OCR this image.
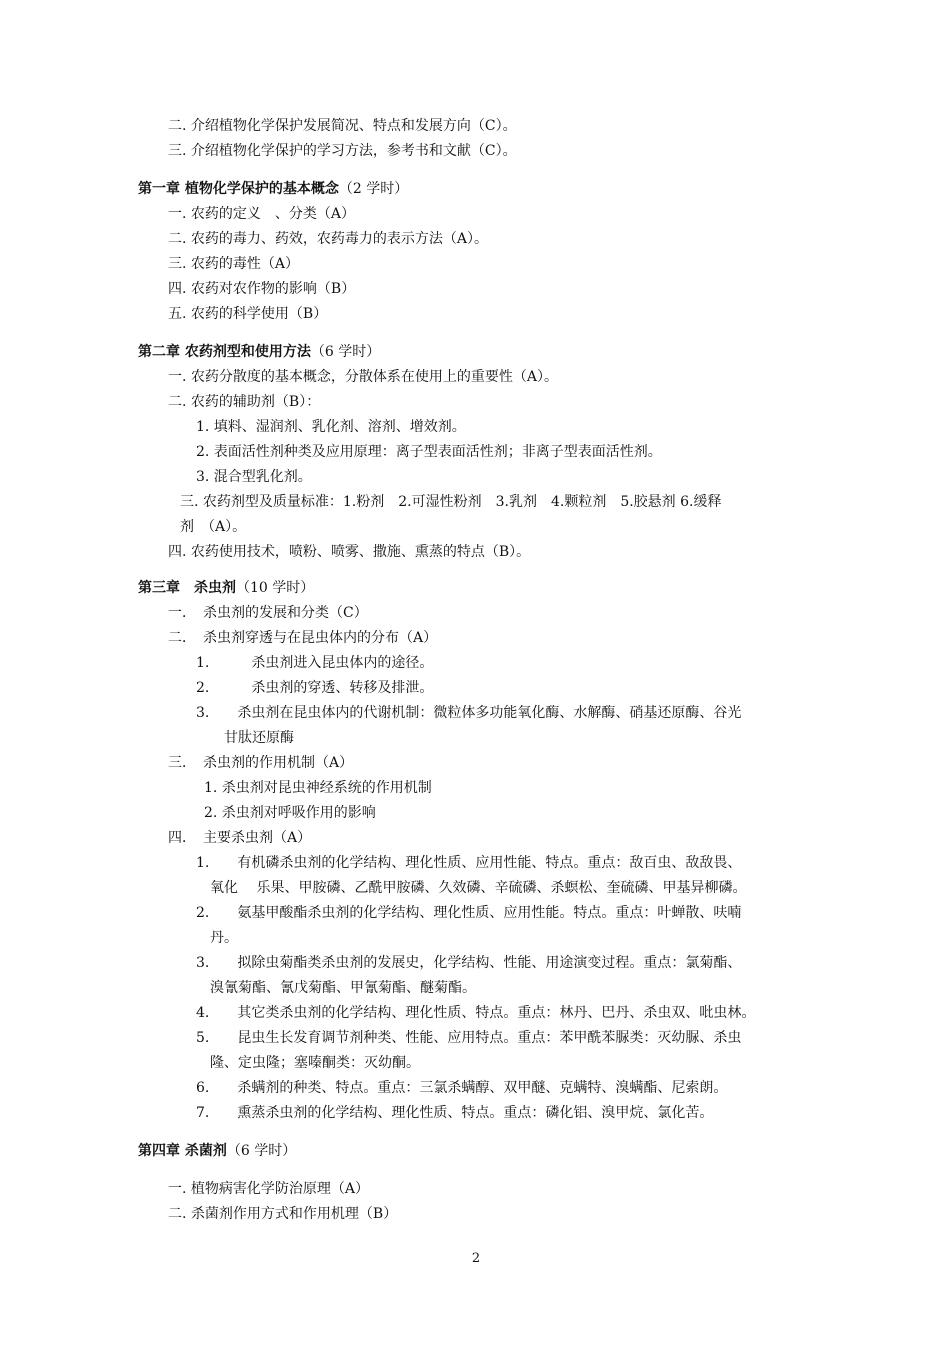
二. 介绍植物化学保护发展简况、特点和发展方向（C）。
三. 介绍植物化学保护的学习方法，参考书和文献（C）。
第一章 植物化学保护的基本概念（2 学时）
一. 农药的定义　、分类（A）
二. 农药的毒力、药效，农药毒力的表示方法（A）。
三. 农药的毒性（A）
四. 农药对农作物的影响（B）
五. 农药的科学使用（B）
第二章 农药剂型和使用方法（6 学时）
一. 农药分散度的基本概念，分散体系在使用上的重要性（A）。
二. 农药的辅助剂（B）：
1. 填料、湿润剂、乳化剂、溶剂、增效剂。
2. 表面活性剂种类及应用原理：离子型表面活性剂；非离子型表面活性剂。
3. 混合型乳化剂。
三. 农药剂型及质量标准：1.粉剂　2.可湿性粉剂　3.乳剂　4.颗粒剂　5.胶悬剂 6.缓释
剂　（A）。
四. 农药使用技术，喷粉、喷雾、撒施、熏蒸的特点（B）。
第三章　杀虫剂（10 学时）
一．　杀虫剂的发展和分类（C）
二．　杀虫剂穿透与在昆虫体内的分布（A）
1.　　　杀虫剂进入昆虫体内的途径。
2.　　　杀虫剂的穿透、转移及排泄。
3.　　杀虫剂在昆虫体内的代谢机制：微粒体多功能氧化酶、水解酶、硝基还原酶、谷光
甘肽还原酶
三．　杀虫剂的作用机制（A）
1. 杀虫剂对昆虫神经系统的作用机制
2. 杀虫剂对呼吸作用的影响
四．　主要杀虫剂（A）
1.　　有机磷杀虫剂的化学结构、理化性质、应用性能、特点。重点：敌百虫、敌敌畏、
氧化　 乐果、甲胺磷、乙酰甲胺磷、久效磷、辛硫磷、杀螟松、奎硫磷、甲基异柳磷。
2.　　氨基甲酸酯杀虫剂的化学结构、理化性质、应用性能。特点。重点：叶蝉散、呋喃
丹。
3.　　拟除虫菊酯类杀虫剂的发展史，化学结构、性能、用途演变过程。重点：氯菊酯、
溴氰菊酯、氰戊菊酯、甲氰菊酯、醚菊酯。
4.　　其它类杀虫剂的化学结构、理化性质、特点。重点：林丹、巴丹、杀虫双、吡虫林。
5.　　昆虫生长发育调节剂种类、性能、应用特点。重点：苯甲酰苯脲类：灭幼脲、杀虫
隆、定虫隆；塞嗪酮类：灭幼酮。
6.　　杀螨剂的种类、特点。重点：三氯杀螨醇、双甲醚、克螨特、溴螨酯、尼索朗。
7.　　熏蒸杀虫剂的化学结构、理化性质、特点。重点：磷化铝、溴甲烷、氯化苦。
第四章 杀菌剂（6 学时）
一. 植物病害化学防治原理（A）
二. 杀菌剂作用方式和作用机理（B）
2
